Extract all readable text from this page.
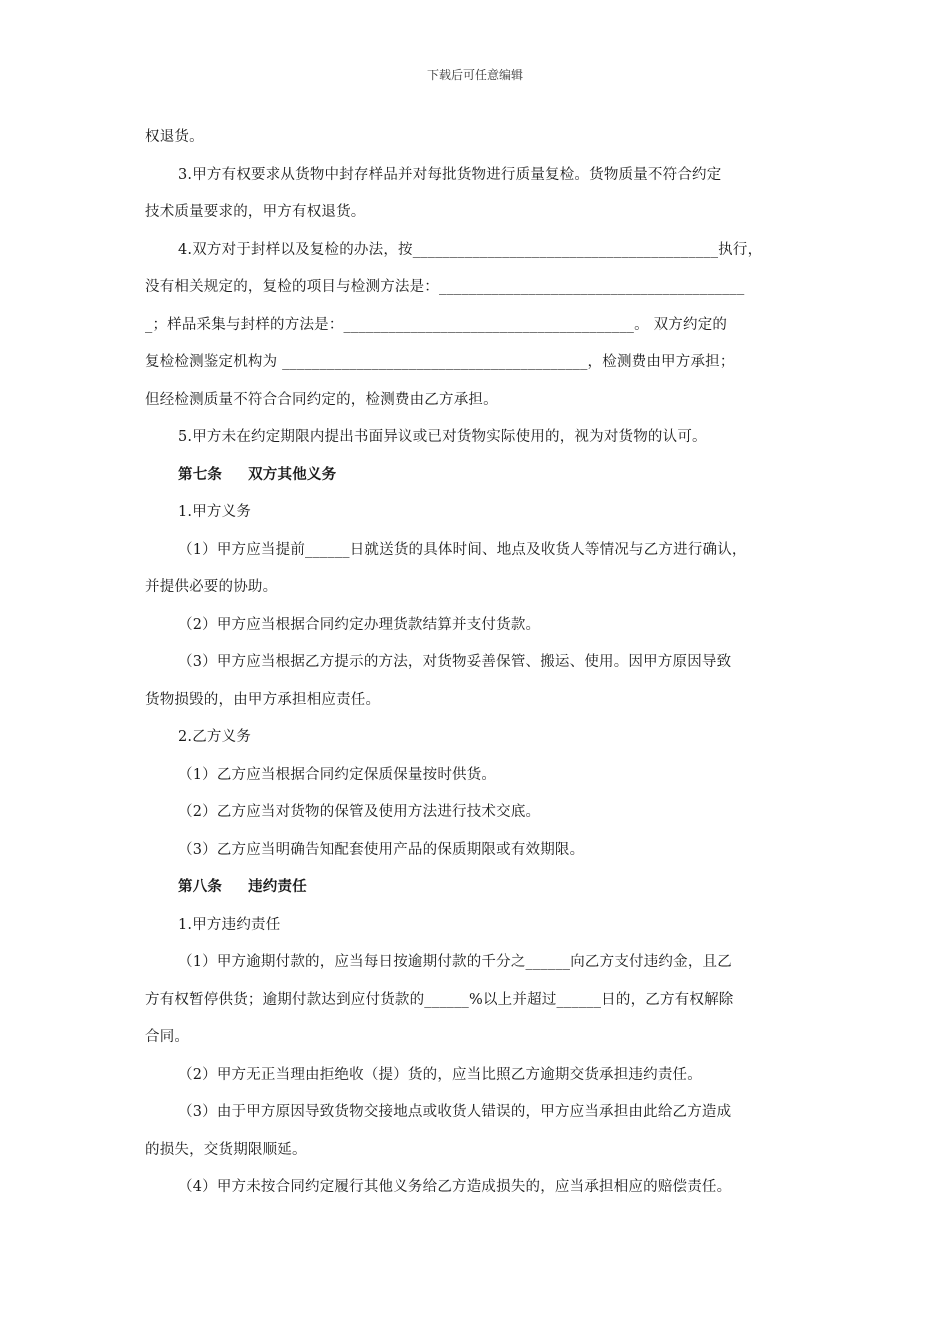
下载后可任意编辑
权退货。
3.甲方有权要求从货物中封存样品并对每批货物进行质量复检。货物质量不符合约定
技术质量要求的，甲方有权退货。
4.双方对于封样以及复检的办法，按_________________________________________执行，
没有相关规定的，复检的项目与检测方法是：_________________________________________
_；样品采集与封样的方法是：_______________________________________。 双方约定的
复检检测鉴定机构为 _________________________________________，检测费由甲方承担；
但经检测质量不符合合同约定的，检测费由乙方承担。
5.甲方未在约定期限内提出书面异议或已对货物实际使用的，视为对货物的认可。
第七条 双方其他义务
1.甲方义务
（1）甲方应当提前______日就送货的具体时间、地点及收货人等情况与乙方进行确认，
并提供必要的协助。
（2）甲方应当根据合同约定办理货款结算并支付货款。
（3）甲方应当根据乙方提示的方法，对货物妥善保管、搬运、使用。因甲方原因导致
货物损毁的，由甲方承担相应责任。
2.乙方义务
（1）乙方应当根据合同约定保质保量按时供货。
（2）乙方应当对货物的保管及使用方法进行技术交底。
（3）乙方应当明确告知配套使用产品的保质期限或有效期限。
第八条 违约责任
1.甲方违约责任
（1）甲方逾期付款的，应当每日按逾期付款的千分之______向乙方支付违约金，且乙
方有权暂停供货；逾期付款达到应付货款的______%以上并超过______日的，乙方有权解除
合同。
（2）甲方无正当理由拒绝收（提）货的，应当比照乙方逾期交货承担违约责任。
（3）由于甲方原因导致货物交接地点或收货人错误的，甲方应当承担由此给乙方造成
的损失，交货期限顺延。
（4）甲方未按合同约定履行其他义务给乙方造成损失的，应当承担相应的赔偿责任。
